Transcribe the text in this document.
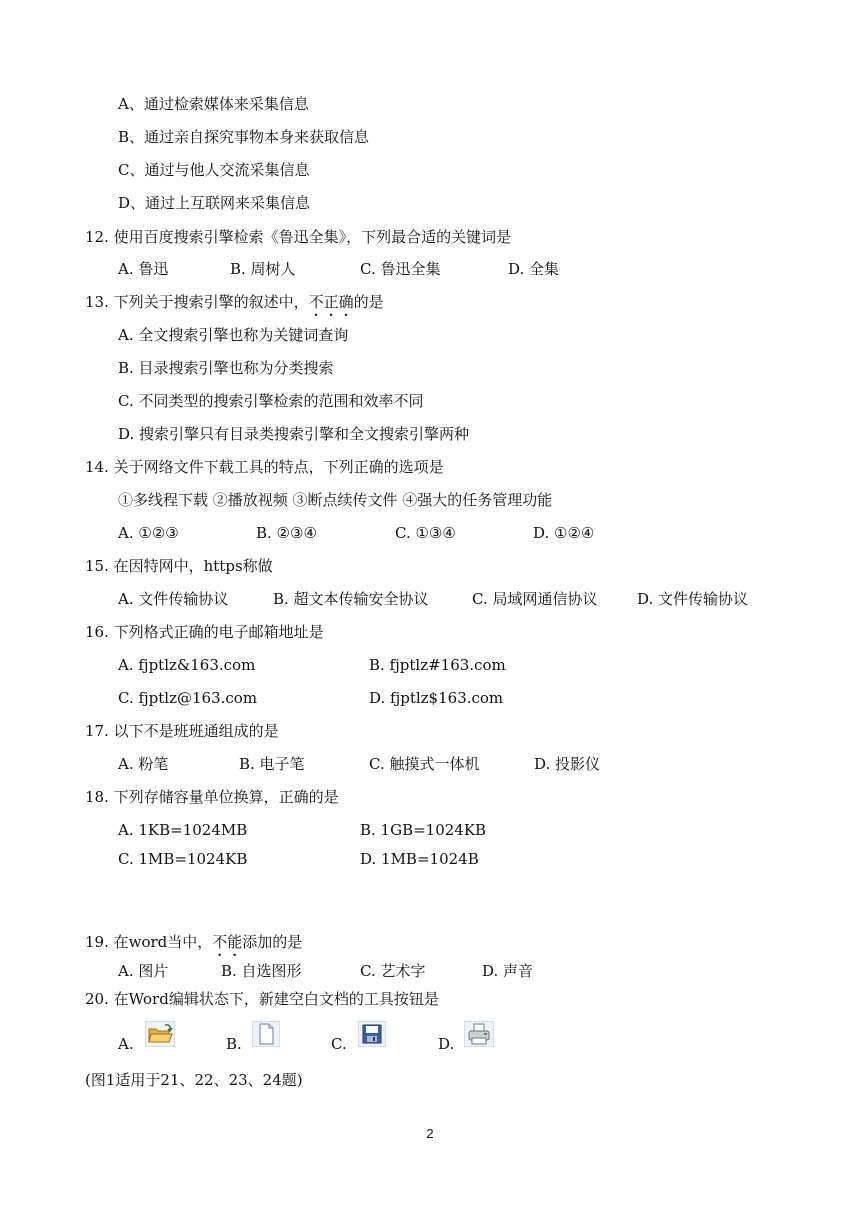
A、通过检索媒体来采集信息
B、通过亲自探究事物本身来获取信息
C、通过与他人交流采集信息
D、通过上互联网来采集信息
12. 使用百度搜索引擎检索《鲁迅全集》，下列最合适的关键词是
A. 鲁迅	B. 周树人	C. 鲁迅全集	D. 全集
13. 下列关于搜索引擎的叙述中，不正确的是
A. 全文搜索引擎也称为关键词查询
B. 目录搜索引擎也称为分类搜索
C. 不同类型的搜索引擎检索的范围和效率不同
D. 搜索引擎只有目录类搜索引擎和全文搜索引擎两种
14. 关于网络文件下载工具的特点，下列正确的选项是
①多线程下载 ②播放视频 ③断点续传文件 ④强大的任务管理功能
A. ①②③	B. ②③④	C. ①③④	D. ①②④
15. 在因特网中，https称做
A. 文件传输协议	B. 超文本传输安全协议	C. 局域网通信协议	D. 文件传输协议
16. 下列格式正确的电子邮箱地址是
A. fjptlz&163.com	B. fjptlz#163.com
C. fjptlz@163.com	D. fjptlz$163.com
17. 以下不是班班通组成的是
A. 粉笔	B. 电子笔	C. 触摸式一体机	D. 投影仪
18. 下列存储容量单位换算，正确的是
A. 1KB=1024MB	B. 1GB=1024KB
C. 1MB=1024KB	D. 1MB=1024B
19. 在word当中，不能添加的是
A. 图片	B. 自选图形	C. 艺术字	D. 声音
20. 在Word编辑状态下，新建空白文档的工具按钮是
A.	B.	C.	D.
(图1适用于21、22、23、24题)
2
